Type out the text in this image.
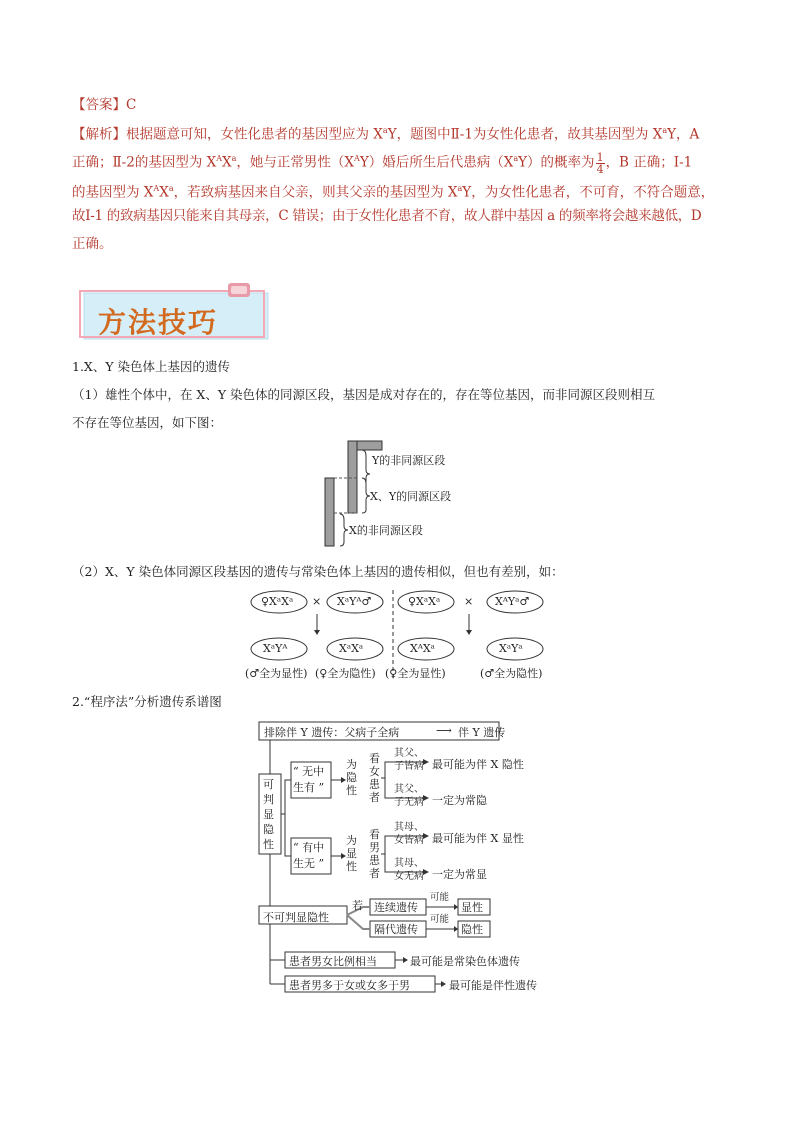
【答案】C
【解析】根据题意可知，女性化患者的基因型应为 $X^aY$，题图中Ⅱ-1为女性化患者，故其基因型为 $X^aY$，A
正确；Ⅱ-2的基因型为 $X^AX^a$，她与正常男性$(X^AY)$婚后所生后代患病$(X^aY)$的概率为 $\frac{1}{4}$ ，B 正确；Ⅰ-1
的基因型为 $X^AX^a$，若致病基因来自父亲，则其父亲的基因型为 $X^aY$，为女性化患者，不可育，不符合题意，
故Ⅰ-1 的致病基因只能来自其母亲，C 错误；由于女性化患者不育，故人群中基因 a 的频率将会越来越低，D
正确。
方法技巧
1.X、Y 染色体上基因的遗传
（1）雄性个体中，在 X、Y 染色体的同源区段，基因是成对存在的，存在等位基因，而非同源区段则相互
不存在等位基因，如下图：
Y的非同源区段
X、Y的同源区段
X的非同源区段
（2）X、Y 染色体同源区段基因的遗传与常染色体上基因的遗传相似，但也有差别，如：
♀XᵃXᵃ × XᵃYᴬ♂	♀XᵃXᵃ × XᴬYᵃ♂
XᵃYᴬ	XᵃXᵃ	XᴬXᵃ	XᵃYᵃ
(♂全为显性) (♀全为隐性) (♀全为显性)	(♂全为隐性)
2.“程序法”分析遗传系谱图
排除伴 Y 遗传：父病子全病	⟶ 伴 Y 遗传
可
判
显
隐
性
“ 无中
生有 ”
“ 有中
生无 ”
为
隐
性
为
显
性
看
女
患
者
看
男
患
者
其父、
子皆病 最可能为伴 X 隐性
其父、
子无病 一定为常隐
其母、
女皆病 最可能为伴 X 显性
其母、
女无病 一定为常显
不可判显隐性
若 连续遗传
隔代遗传
可能
可能
显性
隐性
患者男女比例相当	最可能是常染色体遗传
患者男多于女或女多于男	最可能是伴性遗传
